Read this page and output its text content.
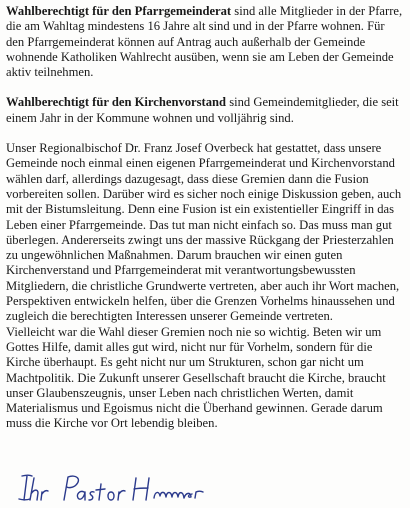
Wahlberechtigt für den Pfarrgemeinderat sind alle Mitglieder in der Pfarre, die am Wahltag mindestens 16 Jahre alt sind und in der Pfarre wohnen. Für den Pfarrgemeinderat können auf Antrag auch außerhalb der Gemeinde wohnende Katholiken Wahlrecht ausüben, wenn sie am Leben der Gemeinde aktiv teilnehmen.

Wahlberechtigt für den Kirchenvorstand sind Gemeindemitglieder, die seit einem Jahr in der Kommune wohnen und volljährig sind.

Unser Regionalbischof Dr. Franz Josef Overbeck hat gestattet, dass unsere Gemeinde noch einmal einen eigenen Pfarrgemeinderat und Kirchenvorstand wählen darf, allerdings dazugesagt, dass diese Gremien dann die Fusion vorbereiten sollen. Darüber wird es sicher noch einige Diskussion geben, auch mit der Bistumsleitung. Denn eine Fusion ist ein existentieller Eingriff in das Leben einer Pfarrgemeinde. Das tut man nicht einfach so. Das muss man gut überlegen. Andererseits zwingt uns der massive Rückgang der Priesterzahlen zu ungewöhnlichen Maßnahmen. Darum brauchen wir einen guten Kirchenverstand und Pfarrgemeinderat mit verantwortungsbewussten Mitgliedern, die christliche Grundwerte vertreten, aber auch ihr Wort machen, Perspektiven entwickeln helfen, über die Grenzen Vorhelms hinaussehen und zugleich die berechtigten Interessen unserer Gemeinde vertreten.

Vielleicht war die Wahl dieser Gremien noch nie so wichtig. Beten wir um Gottes Hilfe, damit alles gut wird, nicht nur für Vorhelm, sondern für die Kirche überhaupt. Es geht nicht nur um Strukturen, schon gar nicht um Machtpolitik. Die Zukunft unserer Gesellschaft braucht die Kirche, braucht unser Glaubenszeugnis, unser Leben nach christlichen Werten, damit Materialismus und Egoismus nicht die Überhand gewinnen. Gerade darum muss die Kirche vor Ort lebendig bleiben.
